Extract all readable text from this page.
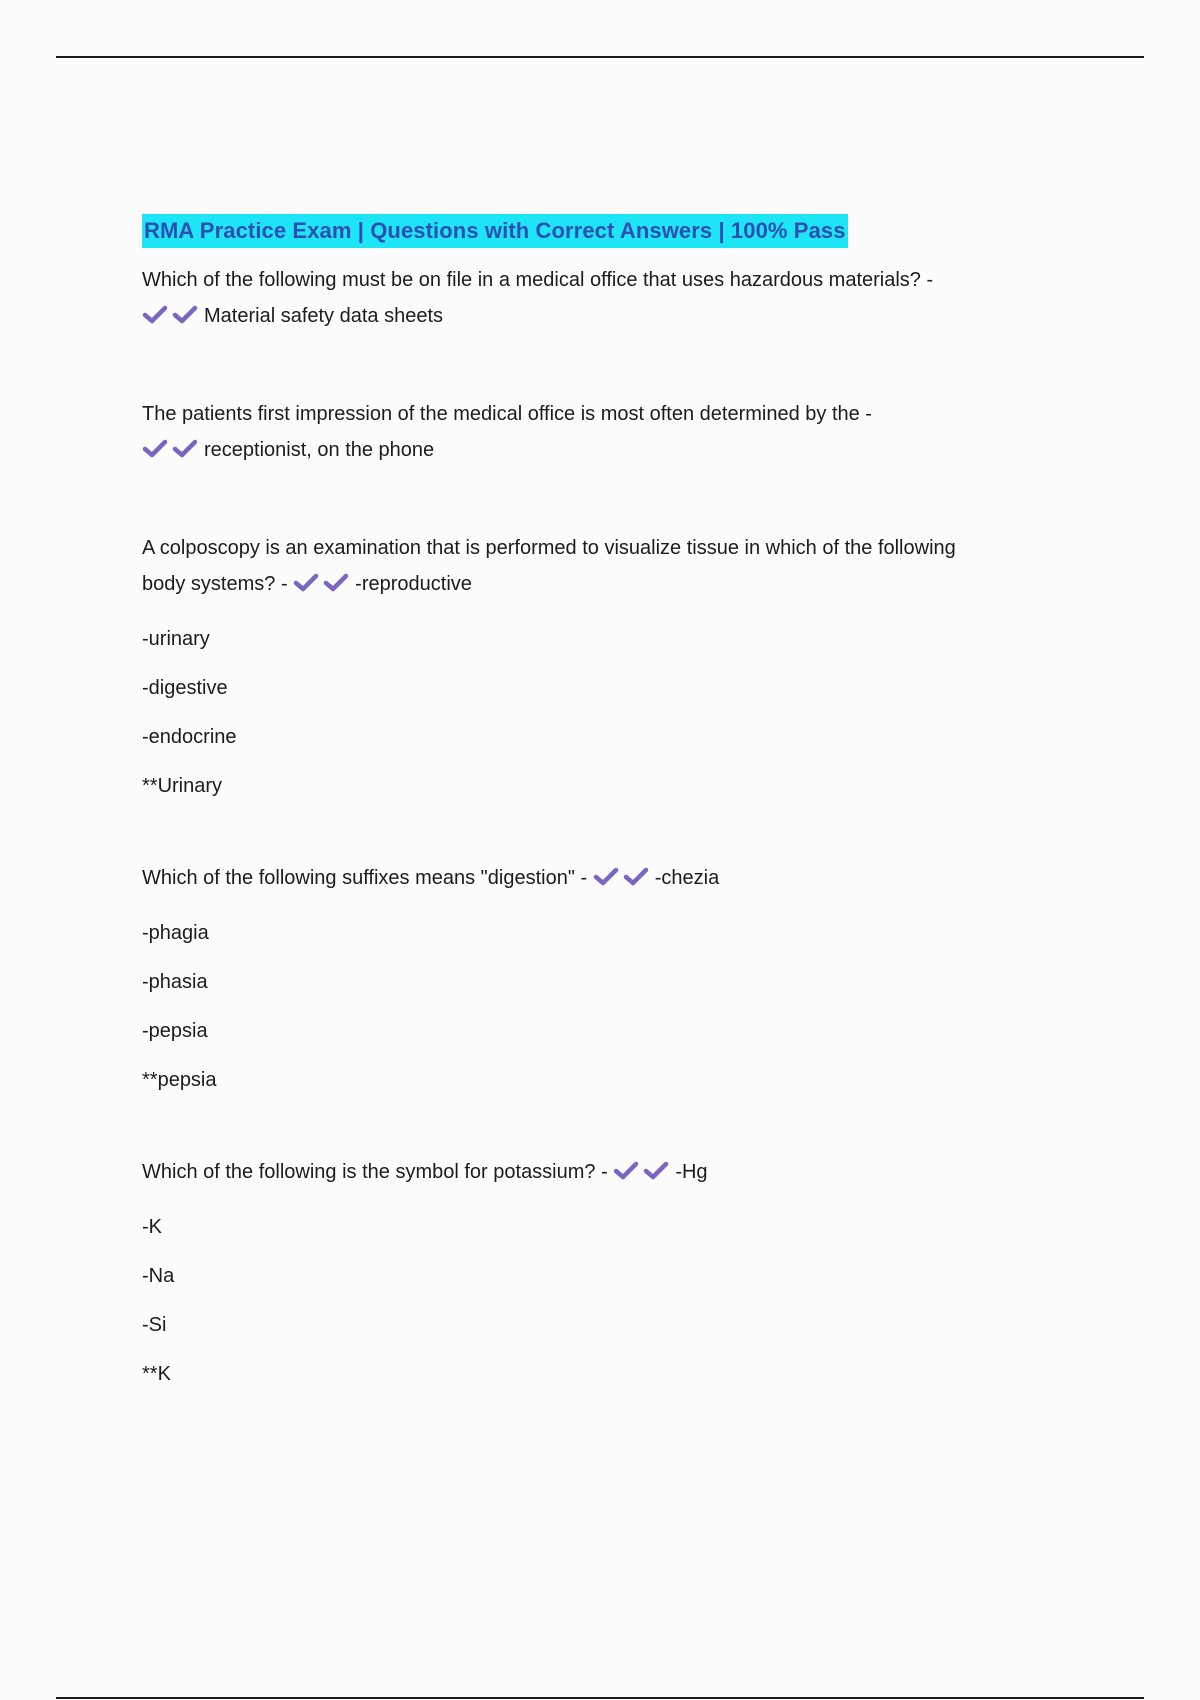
RMA Practice Exam | Questions with Correct Answers | 100% Pass
Which of the following must be on file in a medical office that uses hazardous materials? -
Material safety data sheets
The patients first impression of the medical office is most often determined by the -
receptionist, on the phone
A colposcopy is an examination that is performed to visualize tissue in which of the following
body systems? -	-reproductive
-urinary
-digestive
-endocrine
**Urinary
Which of the following suffixes means "digestion" -	-chezia
-phagia
-phasia
-pepsia
**pepsia
Which of the following is the symbol for potassium? -	-Hg
-K
-Na
-Si
**K
